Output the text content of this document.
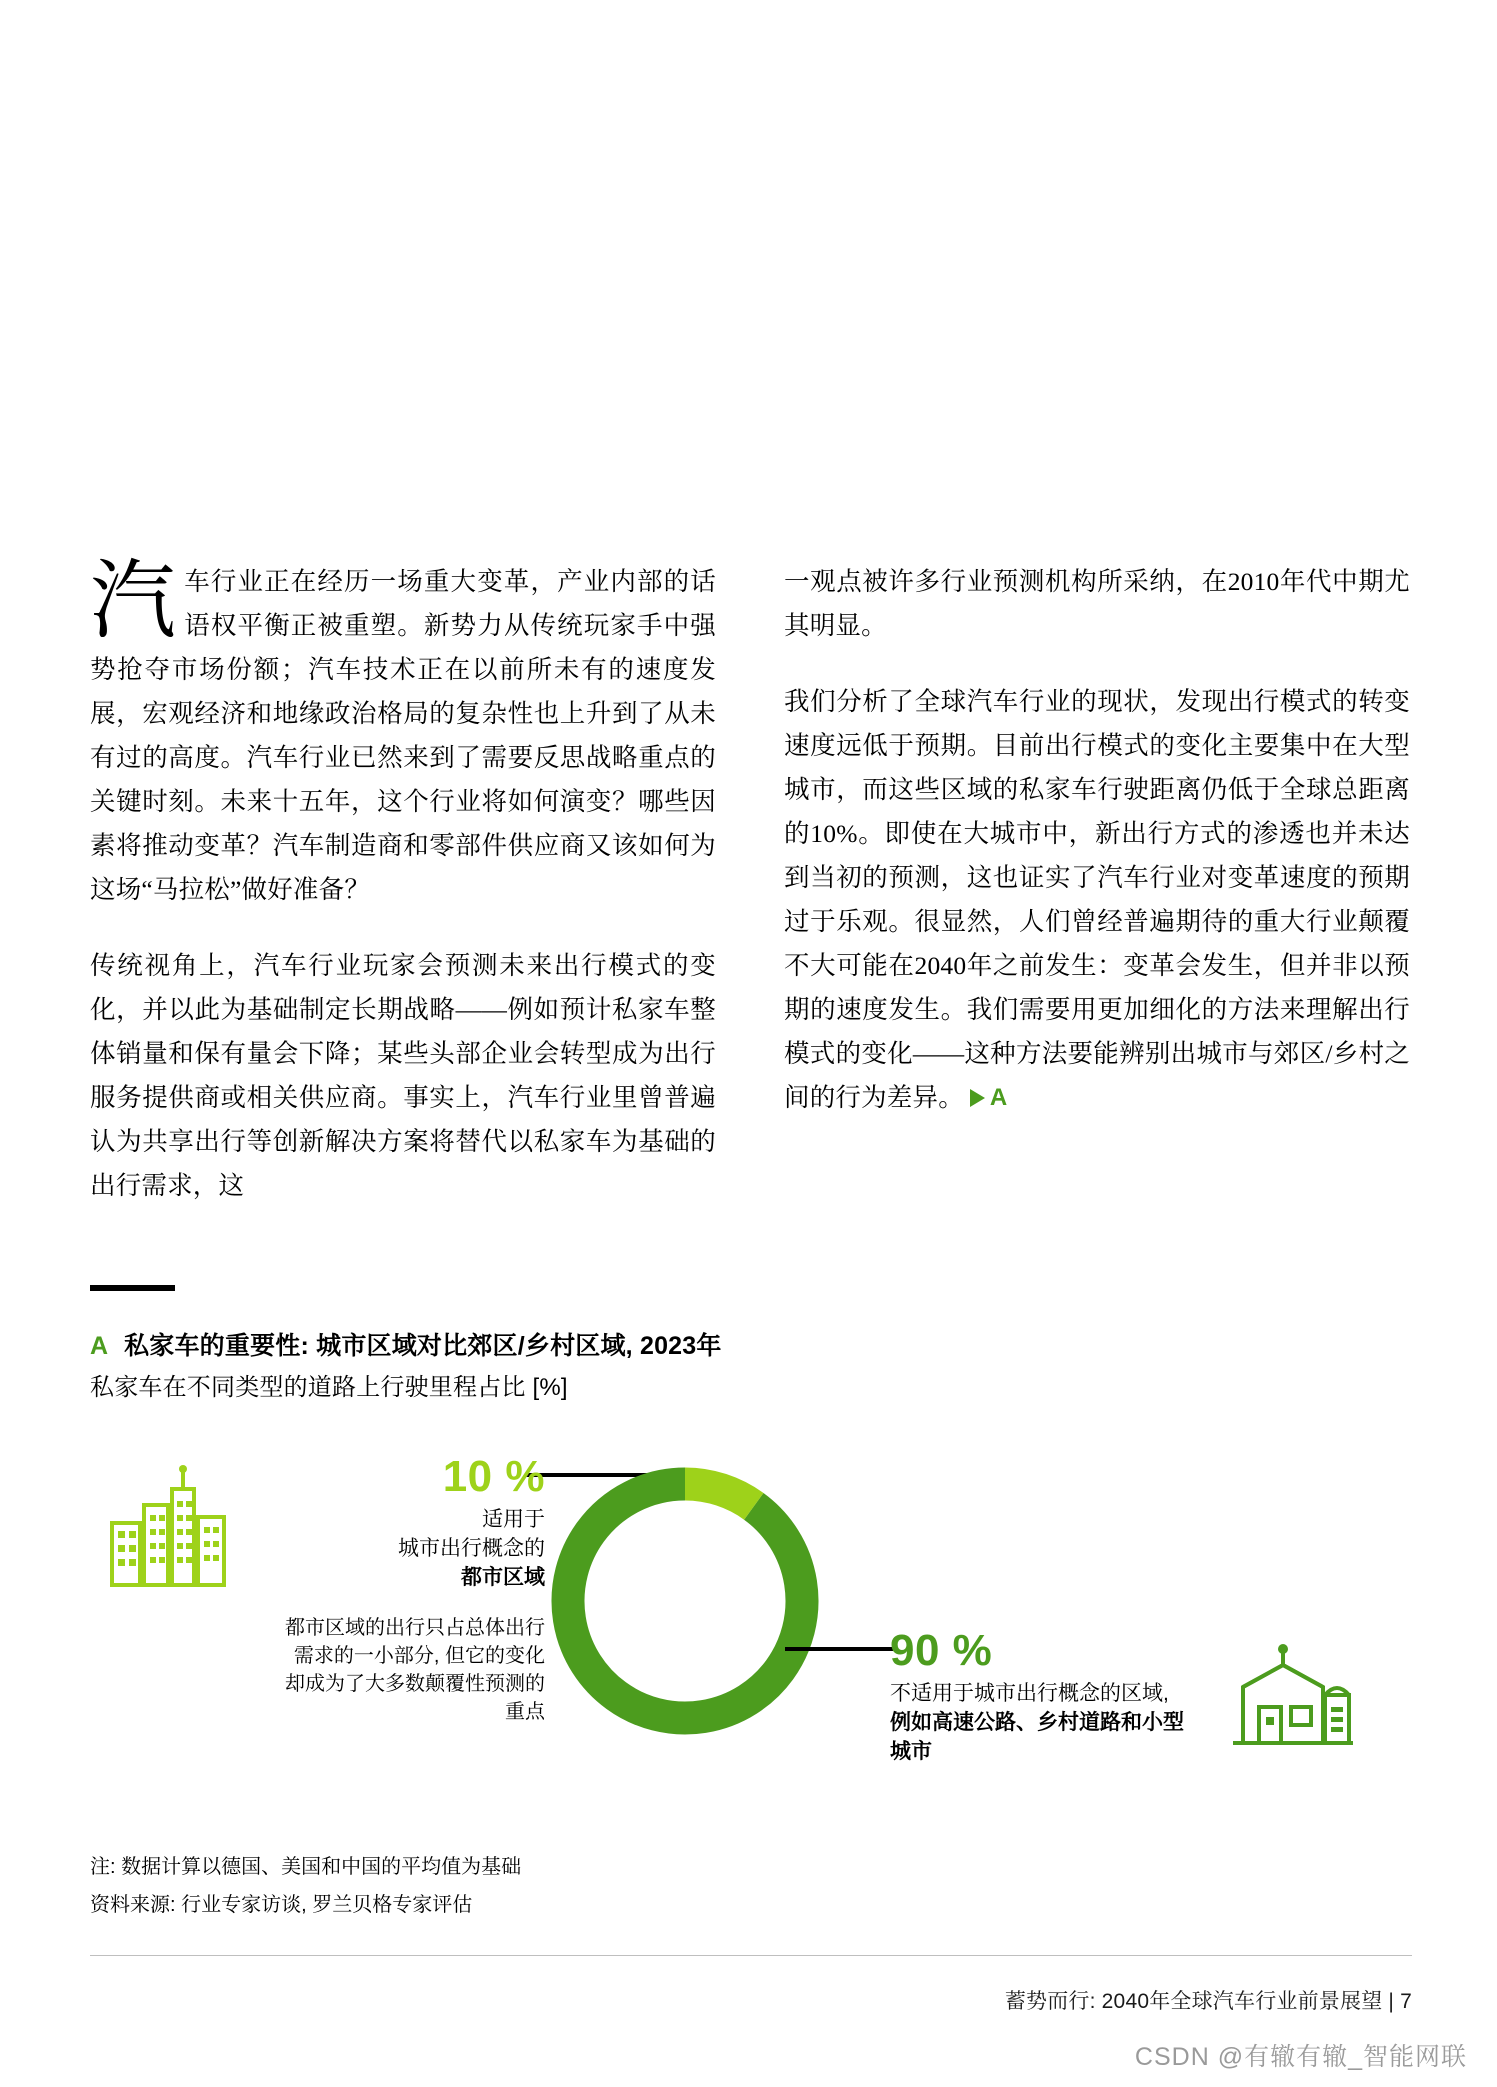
汽车行业正在经历一场重大变革，产业内部的话语权平衡正被重塑。新势力从传统玩家手中强势抢夺市场份额；汽车技术正在以前所未有的速度发展，宏观经济和地缘政治格局的复杂性也上升到了从未有过的高度。汽车行业已然来到了需要反思战略重点的关键时刻。未来十五年，这个行业将如何演变？哪些因素将推动变革？汽车制造商和零部件供应商又该如何为这场“马拉松”做好准备？

传统视角上，汽车行业玩家会预测未来出行模式的变化，并以此为基础制定长期战略——例如预计私家车整体销量和保有量会下降；某些头部企业会转型成为出行服务提供商或相关供应商。事实上，汽车行业里曾普遍认为共享出行等创新解决方案将替代以私家车为基础的出行需求，这

一观点被许多行业预测机构所采纳，在2010年代中期尤其明显。

我们分析了全球汽车行业的现状，发现出行模式的转变速度远低于预期。目前出行模式的变化主要集中在大型城市，而这些区域的私家车行驶距离仍低于全球总距离的10%。即使在大城市中，新出行方式的渗透也并未达到当初的预测，这也证实了汽车行业对变革速度的预期过于乐观。很显然，人们曾经普遍期待的重大行业颠覆不大可能在2040年之前发生：变革会发生，但并非以预期的速度发生。我们需要用更加细化的方法来理解出行模式的变化——这种方法要能辨别出城市与郊区/乡村之间的行为差异。 A

A 私家车的重要性: 城市区域对比郊区/乡村区域, 2023年
私家车在不同类型的道路上行驶里程占比 [%]
10 %
适用于
城市出行概念的
都市区域
都市区域的出行只占总体出行需求的一小部分, 但它的变化却成为了大多数颠覆性预测的重点
90 %
不适用于城市出行概念的区域, 例如高速公路、乡村道路和小型城市
注: 数据计算以德国、美国和中国的平均值为基础
资料来源: 行业专家访谈, 罗兰贝格专家评估
蓄势而行: 2040年全球汽车行业前景展望 | 7
CSDN @有辙有辙_智能网联
